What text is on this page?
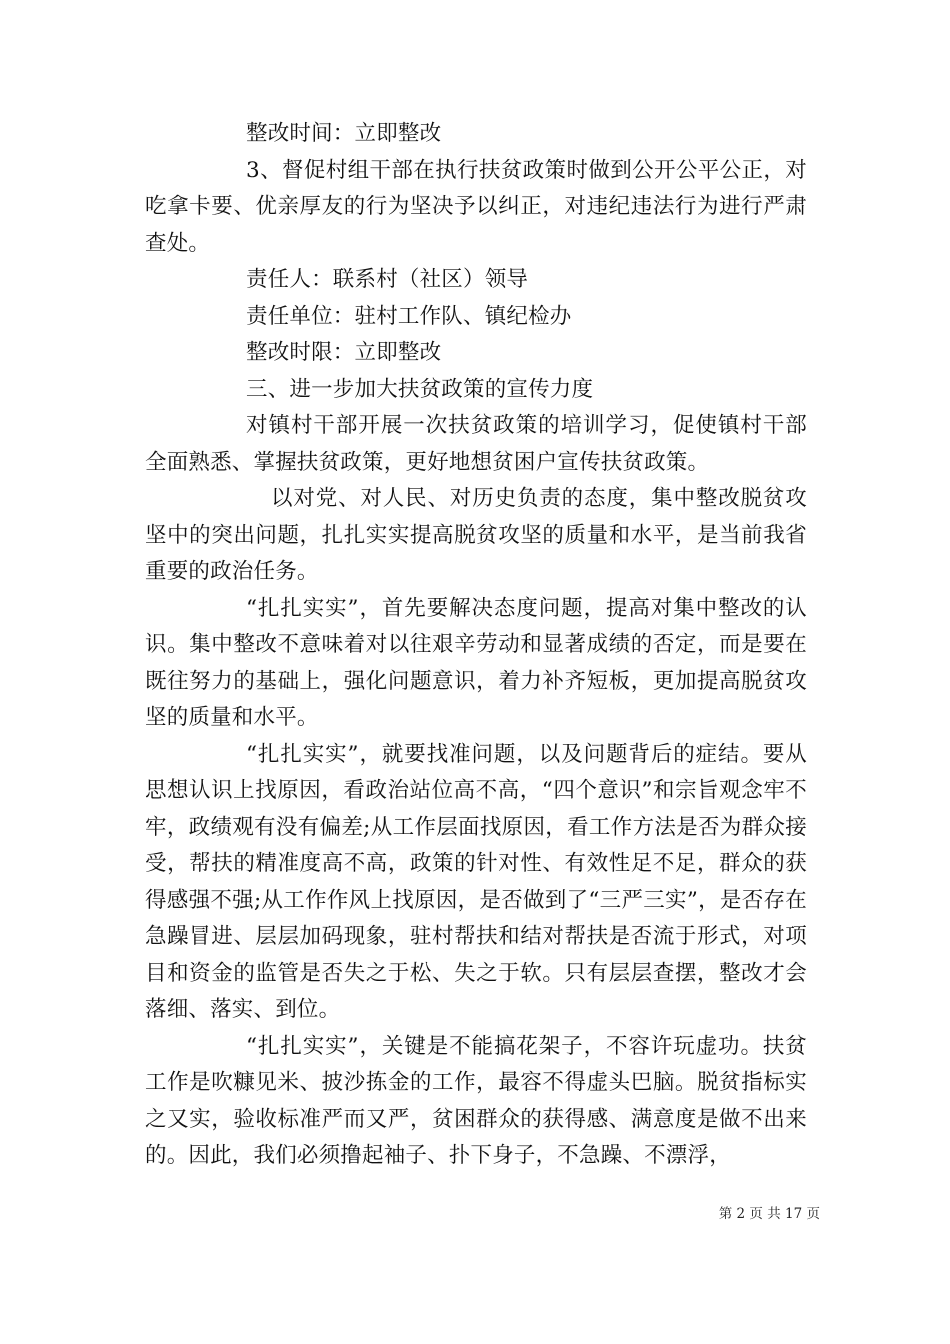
整改时间：立即整改

3、督促村组干部在执行扶贫政策时做到公开公平公正，对吃拿卡要、优亲厚友的行为坚决予以纠正，对违纪违法行为进行严肃查处。

责任人：联系村（社区）领导

责任单位：驻村工作队、镇纪检办

整改时限：立即整改

三、进一步加大扶贫政策的宣传力度

对镇村干部开展一次扶贫政策的培训学习，促使镇村干部全面熟悉、掌握扶贫政策，更好地想贫困户宣传扶贫政策。

以对党、对人民、对历史负责的态度，集中整改脱贫攻坚中的突出问题，扎扎实实提高脱贫攻坚的质量和水平，是当前我省重要的政治任务。

“扎扎实实”，首先要解决态度问题，提高对集中整改的认识。集中整改不意味着对以往艰辛劳动和显著成绩的否定，而是要在既往努力的基础上，强化问题意识，着力补齐短板，更加提高脱贫攻坚的质量和水平。

“扎扎实实”，就要找准问题，以及问题背后的症结。要从思想认识上找原因，看政治站位高不高，“四个意识”和宗旨观念牢不牢，政绩观有没有偏差;从工作层面找原因，看工作方法是否为群众接受，帮扶的精准度高不高，政策的针对性、有效性足不足，群众的获得感强不强;从工作作风上找原因，是否做到了“三严三实”，是否存在急躁冒进、层层加码现象，驻村帮扶和结对帮扶是否流于形式，对项目和资金的监管是否失之于松、失之于软。只有层层查摆，整改才会落细、落实、到位。

“扎扎实实”，关键是不能搞花架子，不容许玩虚功。扶贫工作是吹糠见米、披沙拣金的工作，最容不得虚头巴脑。脱贫指标实之又实，验收标准严而又严，贫困群众的获得感、满意度是做不出来的。因此，我们必须撸起袖子、扑下身子，不急躁、不漂浮，

第 2 页 共 17 页
